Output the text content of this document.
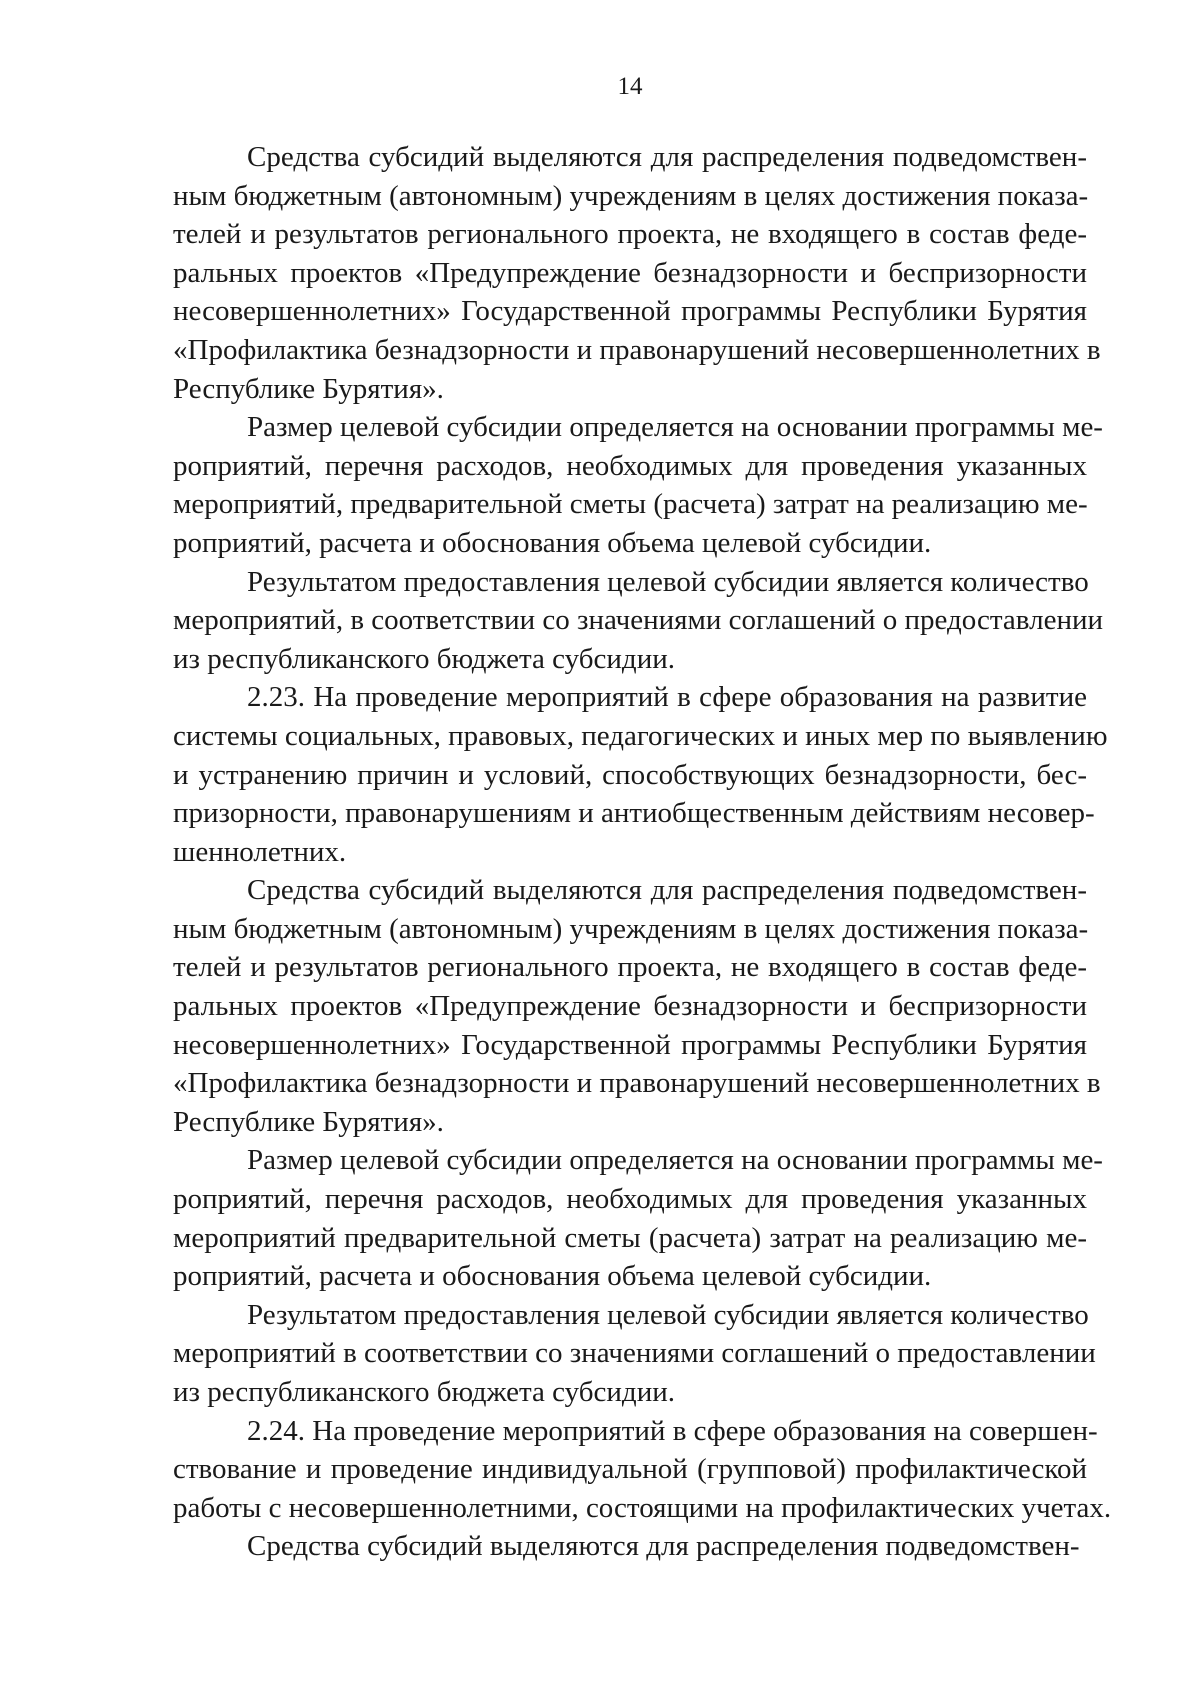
14
Средства субсидий выделяются для распределения подведомствен-
ным бюджетным (автономным) учреждениям в целях достижения показа-
телей и результатов регионального проекта, не входящего в состав феде-
ральных проектов «Предупреждение безнадзорности и беспризорности
несовершеннолетних» Государственной программы Республики Бурятия
«Профилактика безнадзорности и правонарушений несовершеннолетних в
Республике Бурятия».
Размер целевой субсидии определяется на основании программы ме-
роприятий, перечня расходов, необходимых для проведения указанных
мероприятий, предварительной сметы (расчета) затрат на реализацию ме-
роприятий, расчета и обоснования объема целевой субсидии.
Результатом предоставления целевой субсидии является количество
мероприятий, в соответствии со значениями соглашений о предоставлении
из республиканского бюджета субсидии.
2.23. На проведение мероприятий в сфере образования на развитие
системы социальных, правовых, педагогических и иных мер по выявлению
и устранению причин и условий, способствующих безнадзорности, бес-
призорности, правонарушениям и антиобщественным действиям несовер-
шеннолетних.
Средства субсидий выделяются для распределения подведомствен-
ным бюджетным (автономным) учреждениям в целях достижения показа-
телей и результатов регионального проекта, не входящего в состав феде-
ральных проектов «Предупреждение безнадзорности и беспризорности
несовершеннолетних» Государственной программы Республики Бурятия
«Профилактика безнадзорности и правонарушений несовершеннолетних в
Республике Бурятия».
Размер целевой субсидии определяется на основании программы ме-
роприятий, перечня расходов, необходимых для проведения указанных
мероприятий предварительной сметы (расчета) затрат на реализацию ме-
роприятий, расчета и обоснования объема целевой субсидии.
Результатом предоставления целевой субсидии является количество
мероприятий в соответствии со значениями соглашений о предоставлении
из республиканского бюджета субсидии.
2.24. На проведение мероприятий в сфере образования на совершен-
ствование и проведение индивидуальной (групповой) профилактической
работы с несовершеннолетними, состоящими на профилактических учетах.
Средства субсидий выделяются для распределения подведомствен-
